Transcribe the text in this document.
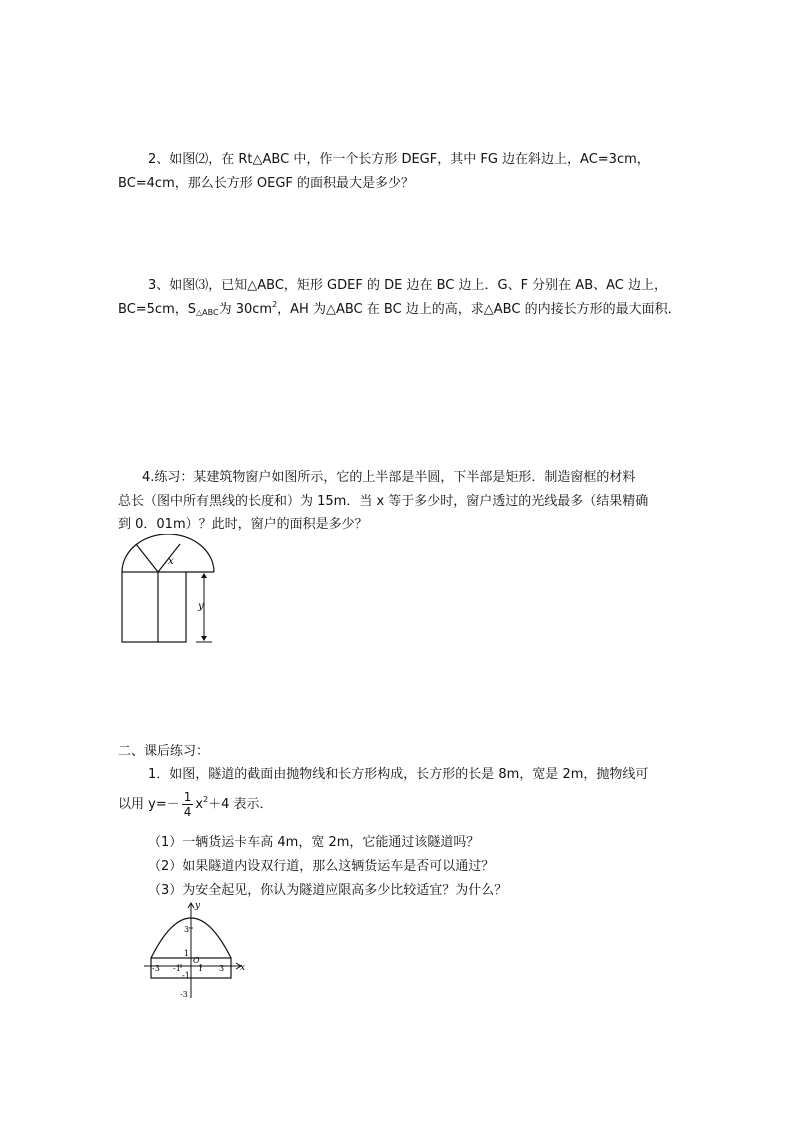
2、如图⑵，在 Rt△ABC 中，作一个长方形 DEGF，其中 FG 边在斜边上，AC=3cm，
BC=4cm，那么长方形 OEGF 的面积最大是多少？
3、如图⑶，已知△ABC，矩形 GDEF 的 DE 边在 BC 边上．G、F 分别在 AB、AC 边上，
BC=5cm，$S_{\triangle ABC}$为 $30cm^2$，AH 为△ABC 在 BC 边上的高，求△ABC 的内接长方形的最大面积．
4.练习：某建筑物窗户如图所示，它的上半部是半圆，下半部是矩形．制造窗框的材料
总长（图中所有黑线的长度和）为 15m．当 x 等于多少时，窗户透过的光线最多（结果精确
到 0．01m）？此时，窗户的面积是多少？
x
y
二、课后练习：
1．如图，隧道的截面由抛物线和长方形构成，长方形的长是 8m，宽是 2m，抛物线可
以用 $y=- \frac{1}{4} x^2+4$ 表示．
（1）一辆货运卡车高 4m，宽 2m，它能通过该隧道吗？
（2）如果隧道内设双行道，那么这辆货运车是否可以通过？
（3）为安全起见，你认为隧道应限高多少比较适宜？为什么？
y
x
O
-3 -1 1 3
3
1
-1
-3
